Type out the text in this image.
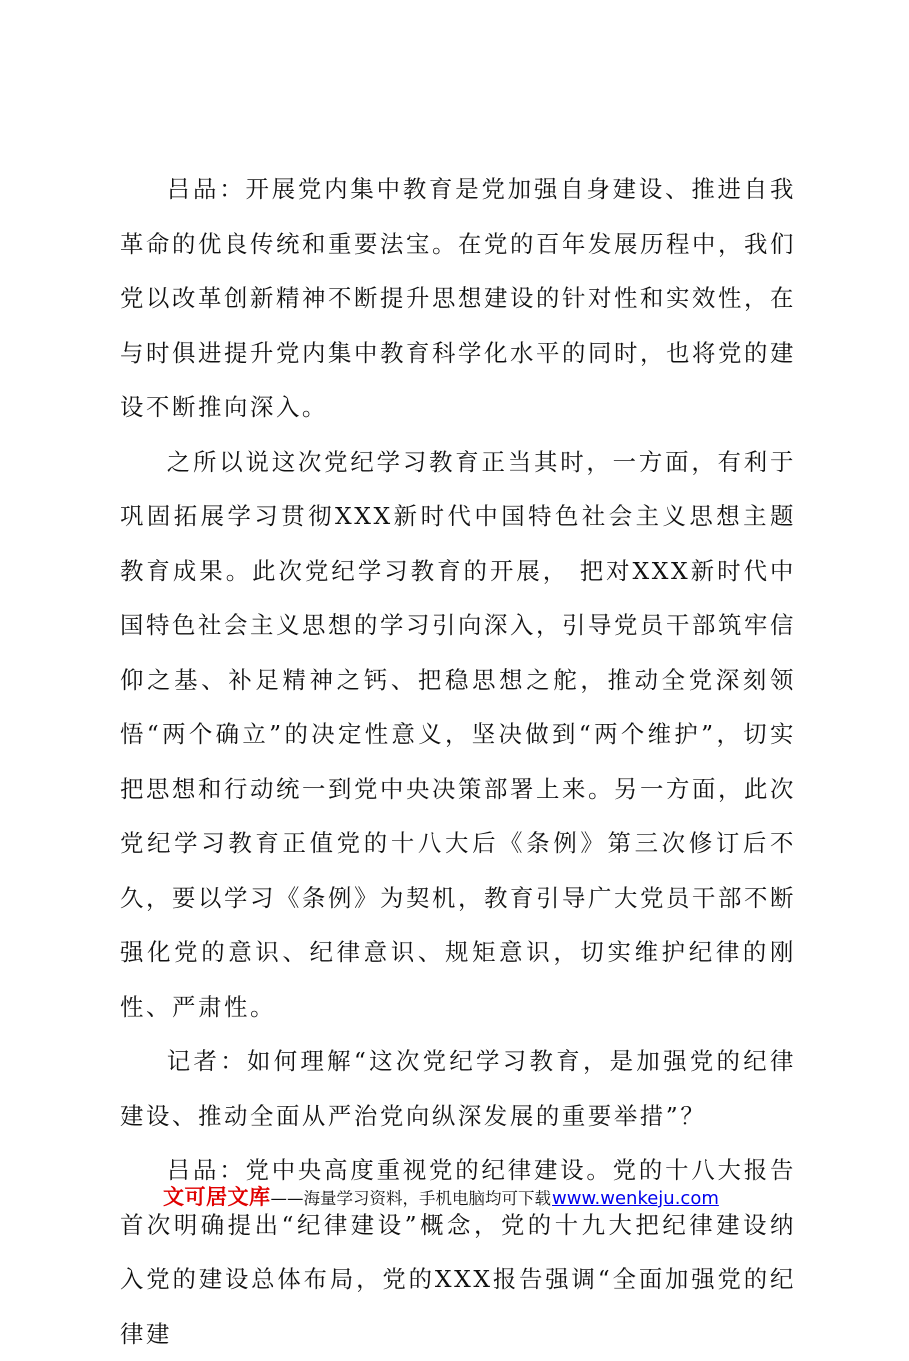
吕品：开展党内集中教育是党加强自身建设、推进自我革命的优良传统和重要法宝。在党的百年发展历程中，我们党以改革创新精神不断提升思想建设的针对性和实效性，在与时俱进提升党内集中教育科学化水平的同时，也将党的建设不断推向深入。

之所以说这次党纪学习教育正当其时，一方面，有利于巩固拓展学习贯彻XXX新时代中国特色社会主义思想主题教育成果。此次党纪学习教育的开展， 把对XXX新时代中国特色社会主义思想的学习引向深入，引导党员干部筑牢信仰之基、补足精神之钙、把稳思想之舵，推动全党深刻领悟“两个确立”的决定性意义，坚决做到“两个维护”，切实把思想和行动统一到党中央决策部署上来。另一方面，此次党纪学习教育正值党的十八大后《条例》第三次修订后不久，要以学习《条例》为契机，教育引导广大党员干部不断强化党的意识、纪律意识、规矩意识，切实维护纪律的刚性、严肃性。

记者：如何理解“这次党纪学习教育，是加强党的纪律建设、推动全面从严治党向纵深发展的重要举措”？

吕品：党中央高度重视党的纪律建设。党的十八大报告首次明确提出“纪律建设”概念，党的十九大把纪律建设纳入党的建设总体布局，党的XXX报告强调“全面加强党的纪律建

文可居文库 ——海量学习资料，手机电脑均可下载 www.wenkeju.com
